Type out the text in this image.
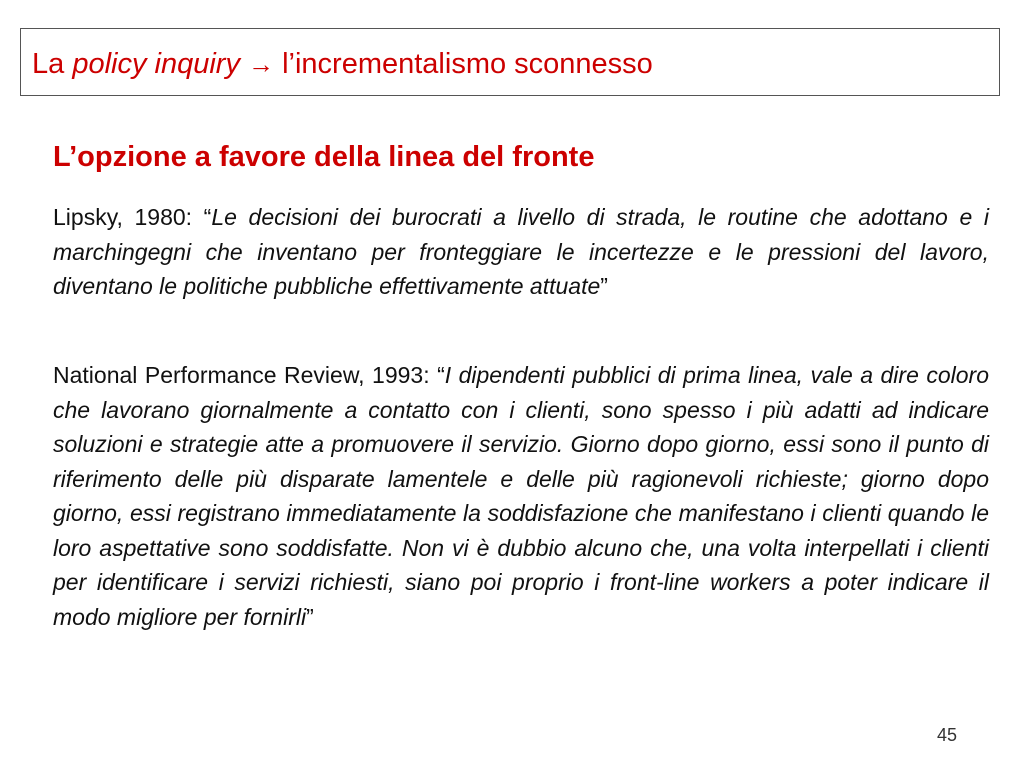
La policy inquiry → l’incrementalismo sconnesso
L’opzione a favore della linea del fronte
Lipsky, 1980: “Le decisioni dei burocrati a livello di strada, le routine che adottano e i marchingegni che inventano per fronteggiare le incertezze e le pressioni del lavoro, diventano le politiche pubbliche effettivamente attuate”
National Performance Review, 1993: “I dipendenti pubblici di prima linea, vale a dire coloro che lavorano giornalmente a contatto con i clienti, sono spesso i più adatti ad indicare soluzioni e strategie atte a promuovere il servizio. Giorno dopo giorno, essi sono il punto di riferimento delle più disparate lamentele e delle più ragionevoli richieste; giorno dopo giorno, essi registrano immediatamente la soddisfazione che manifestano i clienti quando le loro aspettative sono soddisfatte. Non vi è dubbio alcuno che, una volta interpellati i clienti per identificare i servizi richiesti, siano poi proprio i front-line workers a poter indicare il modo migliore per fornirli”
45
